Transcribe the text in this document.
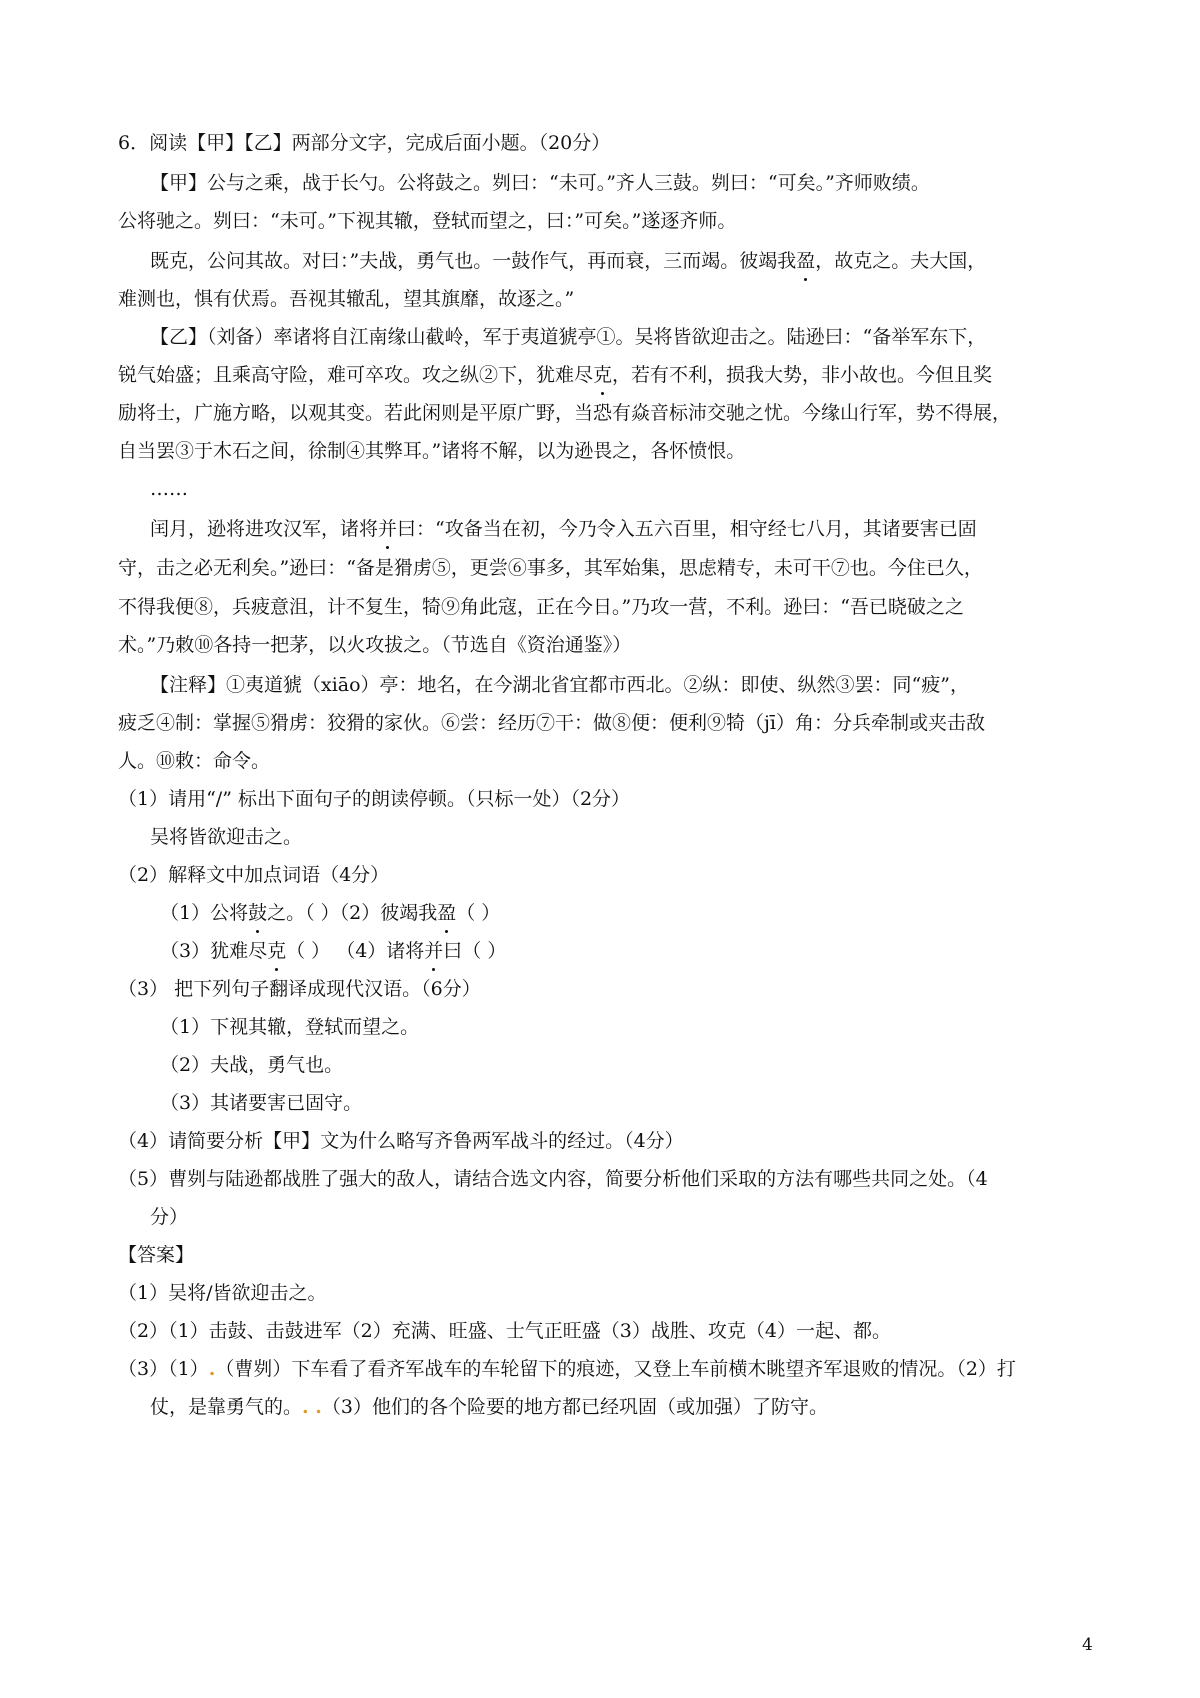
6．阅读【甲】【乙】两部分文字，完成后面小题。（20分）
【甲】公与之乘，战于长勺。公将鼓之。刿曰：“未可。”齐人三鼓。刿曰：“可矣。”齐师败绩。
公将驰之。刿曰：“未可。”下视其辙，登轼而望之，曰：”可矣。”遂逐齐师。
既克，公问其故。对曰：”夫战，勇气也。一鼓作气，再而衰，三而竭。彼竭我盈，故克之。夫大国，
难测也，惧有伏焉。吾视其辙乱，望其旗靡，故逐之。”
【乙】（刘备）率诸将自江南缘山截岭，军于夷道猇亭①。吴将皆欲迎击之。陆逊曰：“备举军东下，
锐气始盛；且乘高守险，难可卒攻。攻之纵②下，犹难尽克，若有不利，损我大势，非小故也。今但且奖
励将士，广施方略，以观其变。若此闲则是平原广野，当恐有焱音标沛交驰之忧。今缘山行军，势不得展，
自当罢③于木石之间，徐制④其弊耳。”诸将不解，以为逊畏之，各怀愤恨。
……
闰月，逊将进攻汉军，诸将并曰：“攻备当在初，今乃令入五六百里，相守经七八月，其诸要害已固
守，击之必无利矣。”逊曰：“备是猾虏⑤，更尝⑥事多，其军始集，思虑精专，未可干⑦也。今住已久，
不得我便⑧，兵疲意沮，计不复生，犄⑨角此寇，正在今日。”乃攻一营，不利。逊曰：“吾已晓破之之
术。”乃敕⑩各持一把茅，以火攻拔之。（节选自《资治通鉴》）
【注释】①夷道猇（xiāo）亭：地名，在今湖北省宜都市西北。②纵：即使、纵然③罢：同“疲”，
疲乏④制：掌握⑤猾虏：狡猾的家伙。⑥尝：经历⑦干：做⑧便：便利⑨犄（jī）角：分兵牵制或夹击敌
人。⑩敕：命令。
（1）请用“/” 标出下面句子的朗读停顿。（只标一处）（2分）
吴将皆欲迎击之。
（2）解释文中加点词语（4分）
（1）公将鼓之。（ ）（2）彼竭我盈（ ）
（3）犹难尽克（ ） （4）诸将并曰（ ）
（3） 把下列句子翻译成现代汉语。（6分）
（1）下视其辙，登轼而望之。
（2）夫战，勇气也。
（3）其诸要害已固守。
（4）请简要分析【甲】文为什么略写齐鲁两军战斗的经过。（4分）
（5）曹刿与陆逊都战胜了强大的敌人，请结合选文内容，简要分析他们采取的方法有哪些共同之处。（4
分）
【答案】
（1）吴将/皆欲迎击之。
（2）（1）击鼓、击鼓进军（2）充满、旺盛、士气正旺盛（3）战胜、攻克（4）一起、都。
（3）（1）.（曹刿）下车看了看齐军战车的车轮留下的痕迹，又登上车前横木眺望齐军退败的情况。（2）打
仗，是靠勇气的。. .（3）他们的各个险要的地方都已经巩固（或加强）了防守。
4
